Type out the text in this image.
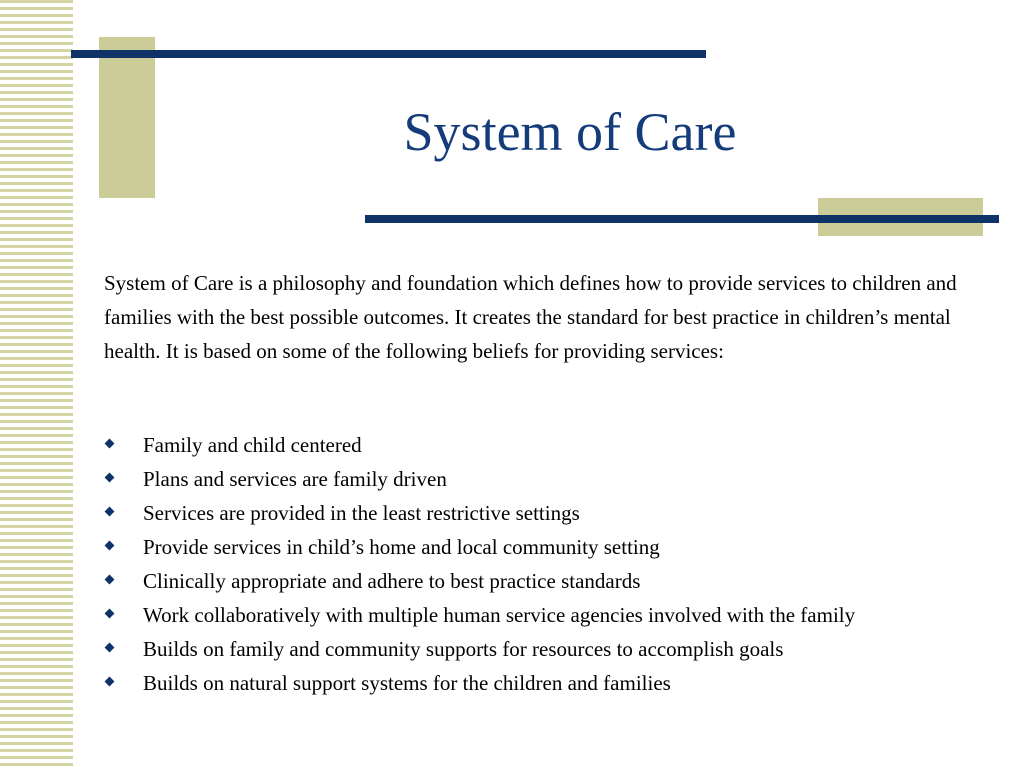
System of Care

System of Care is a philosophy and foundation which defines how to provide services to children and families with the best possible outcomes. It creates the standard for best practice in children’s mental health. It is based on some of the following beliefs for providing services:

Family and child centered
Plans and services are family driven
Services are provided in the least restrictive settings
Provide services in child’s home and local community setting
Clinically appropriate and adhere to best practice standards
Work collaboratively with multiple human service agencies involved with the family
Builds on family and community supports for resources to accomplish goals
Builds on natural support systems for the children and families
